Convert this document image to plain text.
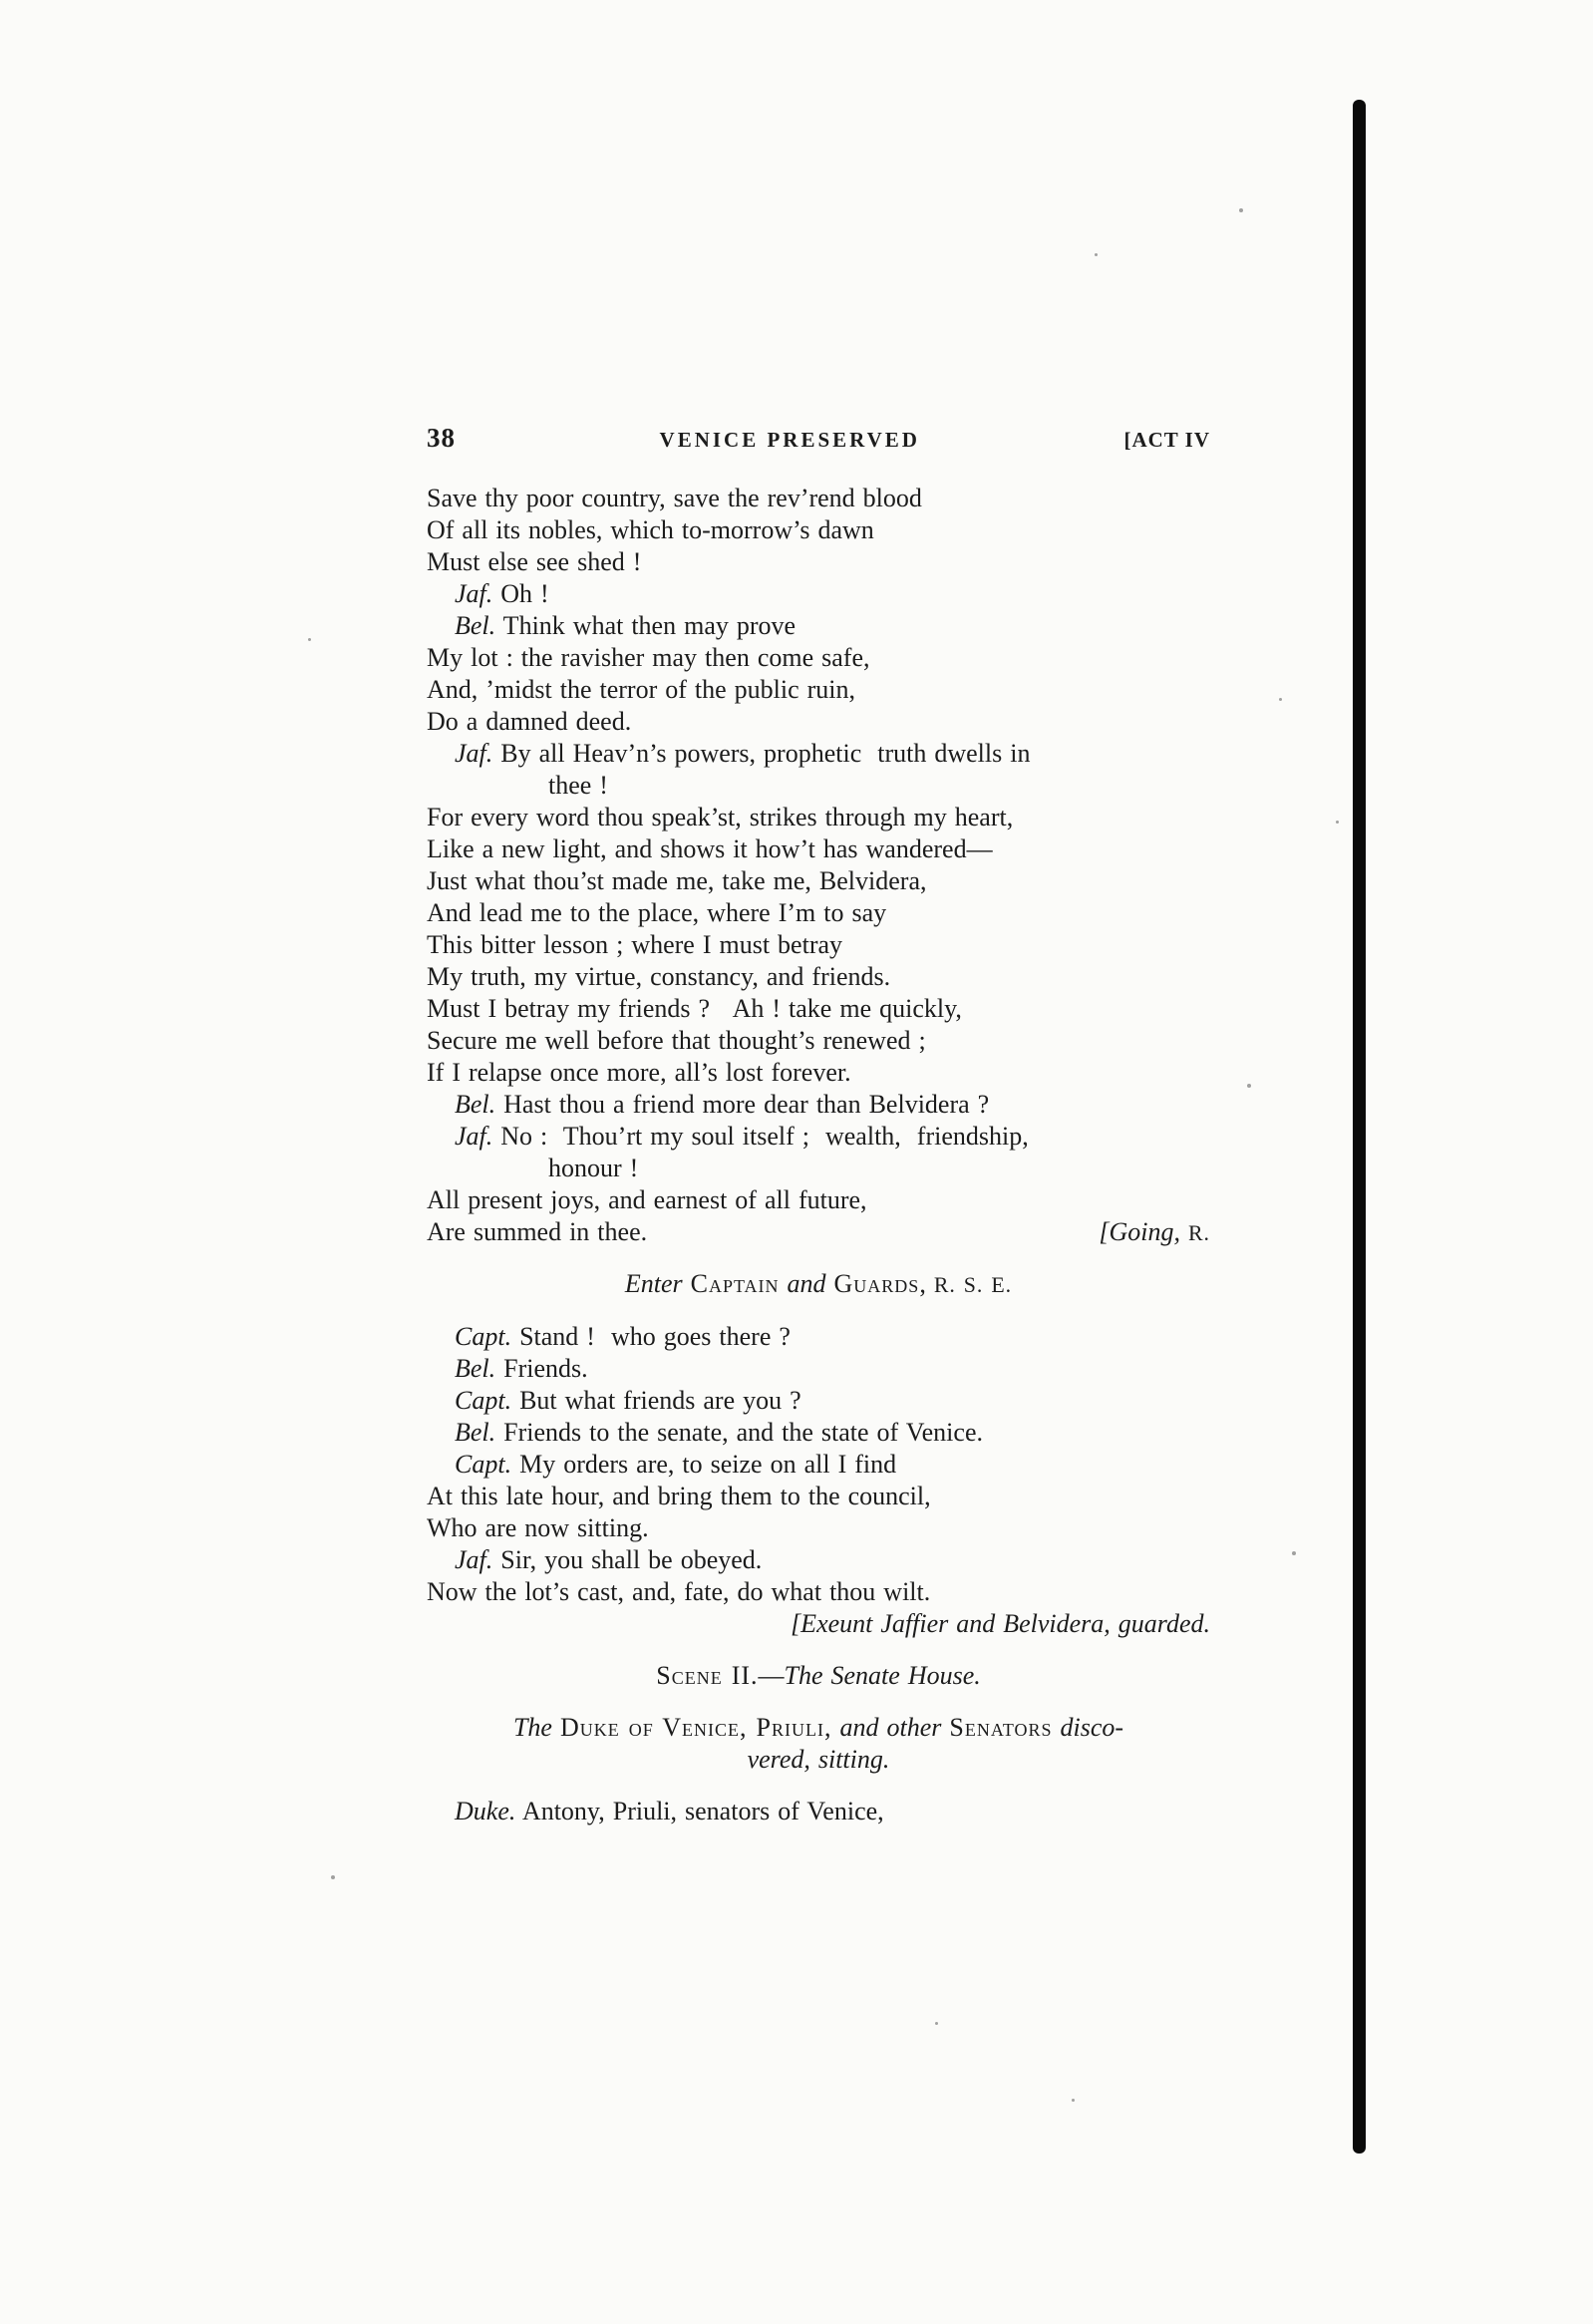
38	VENICE PRESERVED	[ACT IV
Save thy poor country, save the rev’rend blood
Of all its nobles, which to-morrow’s dawn
Must else see shed !
Jaf. Oh !
Bel. Think what then may prove
My lot : the ravisher may then come safe,
And, ’midst the terror of the public ruin,
Do a damned deed.
Jaf. By all Heav’n’s powers, prophetic  truth dwells in
thee !
For every word thou speak’st, strikes through my heart,
Like a new light, and shows it how’t has wandered—
Just what thou’st made me, take me, Belvidera,
And lead me to the place, where I’m to say
This bitter lesson ; where I must betray
My truth, my virtue, constancy, and friends.
Must I betray my friends ?   Ah ! take me quickly,
Secure me well before that thought’s renewed ;
If I relapse once more, all’s lost forever.
Bel. Hast thou a friend more dear than Belvidera ?
Jaf. No :  Thou’rt my soul itself ;  wealth,  friendship,
honour !
All present joys, and earnest of all future,
[Going, R.
Are summed in thee.
Enter Captain and Guards, R. S. E.
Capt. Stand !  who goes there ?
Bel. Friends.
Capt. But what friends are you ?
Bel. Friends to the senate, and the state of Venice.
Capt. My orders are, to seize on all I find
At this late hour, and bring them to the council,
Who are now sitting.
Jaf. Sir, you shall be obeyed.
Now the lot’s cast, and, fate, do what thou wilt.
[Exeunt Jaffier and Belvidera, guarded.
Scene II.—The Senate House.
The Duke of Venice, Priuli, and other Senators disco-
vered, sitting.
Duke. Antony, Priuli, senators of Venice,
